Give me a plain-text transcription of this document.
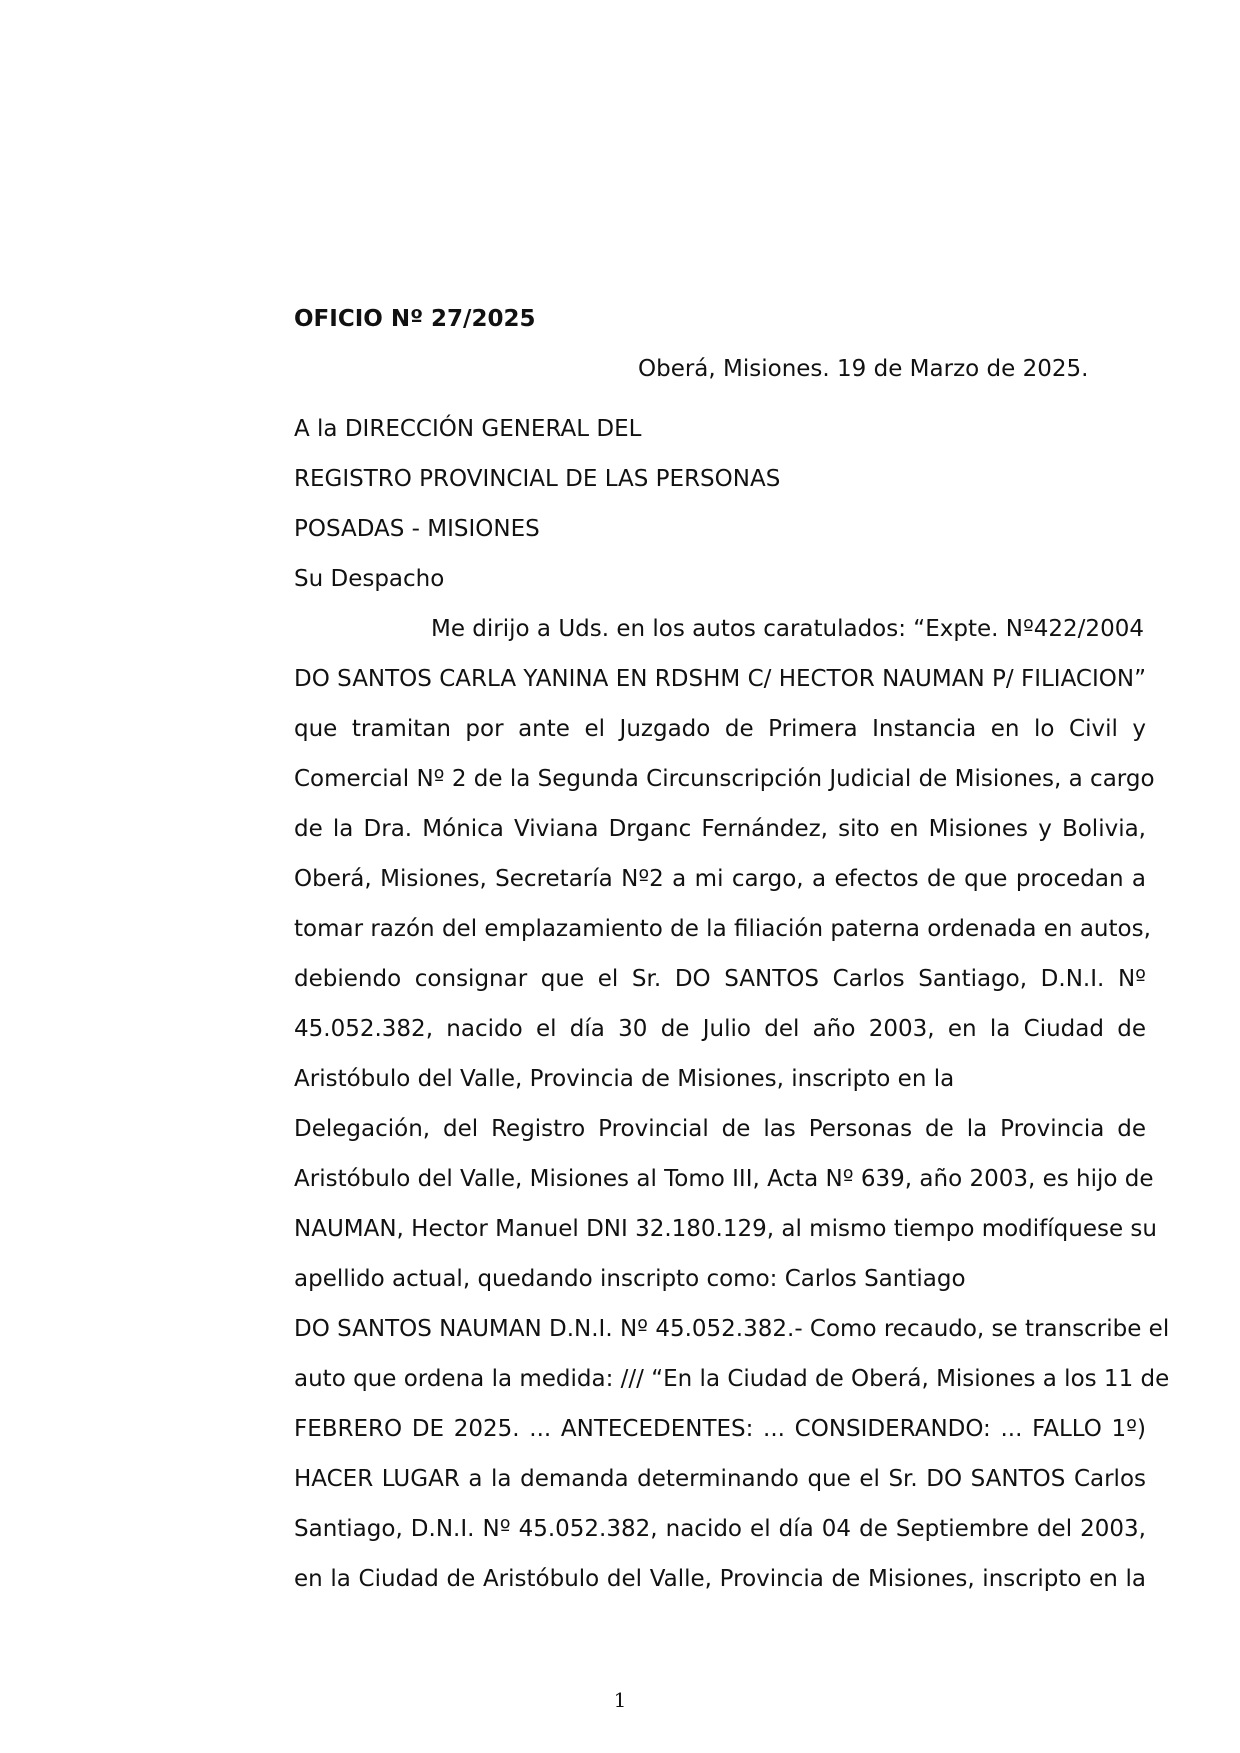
OFICIO Nº 27/2025
Oberá, Misiones. 19 de Marzo de 2025.
A la DIRECCIÓN GENERAL DEL
REGISTRO PROVINCIAL DE LAS PERSONAS
POSADAS - MISIONES
Su Despacho
Me dirijo a Uds. en los autos caratulados: “Expte. Nº422/2004
DO SANTOS CARLA YANINA EN RDSHM C/ HECTOR NAUMAN P/ FILIACION”
que tramitan por ante el Juzgado de Primera Instancia en lo Civil y
Comercial Nº 2 de la Segunda Circunscripción Judicial de Misiones, a cargo
de la Dra. Mónica Viviana Drganc Fernández, sito en Misiones y Bolivia,
Oberá, Misiones, Secretaría Nº2 a mi cargo, a efectos de que procedan a
tomar razón del emplazamiento de la filiación paterna ordenada en autos,
debiendo consignar que el Sr. DO SANTOS Carlos Santiago, D.N.I. Nº
45.052.382, nacido el día 30 de Julio del año 2003, en la Ciudad de
Aristóbulo del Valle, Provincia de Misiones, inscripto en la
Delegación, del Registro Provincial de las Personas de la Provincia de
Aristóbulo del Valle, Misiones al Tomo III, Acta Nº 639, año 2003, es hijo de
NAUMAN, Hector Manuel DNI 32.180.129, al mismo tiempo modifíquese su
apellido actual, quedando inscripto como: Carlos Santiago
DO SANTOS NAUMAN D.N.I. Nº 45.052.382.- Como recaudo, se transcribe el
auto que ordena la medida: /// “En la Ciudad de Oberá, Misiones a los 11 de
FEBRERO DE 2025. ... ANTECEDENTES: ... CONSIDERANDO: ... FALLO 1º)
HACER LUGAR a la demanda determinando que el Sr. DO SANTOS Carlos
Santiago, D.N.I. Nº 45.052.382, nacido el día 04 de Septiembre del 2003,
en la Ciudad de Aristóbulo del Valle, Provincia de Misiones, inscripto en la
1
